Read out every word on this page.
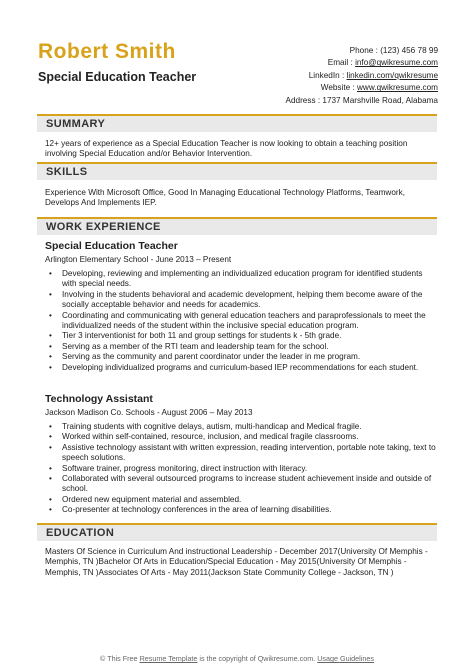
Robert Smith
Special Education Teacher
Phone : (123) 456 78 99
Email : info@qwikresume.com
LinkedIn : linkedin.com/qwikresume
Website : www.qwikresume.com
Address : 1737 Marshville Road, Alabama
SUMMARY
12+ years of experience as a Special Education Teacher is now looking to obtain a teaching position involving Special Education and/or Behavior Intervention.
SKILLS
Experience With Microsoft Office, Good In Managing Educational Technology Platforms, Teamwork, Develops And Implements IEP.
WORK EXPERIENCE
Special Education Teacher
Arlington Elementary School - June 2013 – Present
• Developing, reviewing and implementing an individualized education program for identified students with special needs.
• Involving in the students behavioral and academic development, helping them become aware of the socially acceptable behavior and needs for academics.
• Coordinating and communicating with general education teachers and paraprofessionals to meet the individualized needs of the student within the inclusive special education program.
• Tier 3 interventionist for both 11 and group settings for students k - 5th grade.
• Serving as a member of the RTI team and leadership team for the school.
• Serving as the community and parent coordinator under the leader in me program.
• Developing individualized programs and curriculum-based IEP recommendations for each student.
Technology Assistant
Jackson Madison Co. Schools - August 2006 – May 2013
• Training students with cognitive delays, autism, multi-handicap and Medical fragile.
• Worked within self-contained, resource, inclusion, and medical fragile classrooms.
• Assistive technology assistant with written expression, reading intervention, portable note taking, text to speech solutions.
• Software trainer, progress monitoring, direct instruction with literacy.
• Collaborated with several outsourced programs to increase student achievement inside and outside of school.
• Ordered new equipment material and assembled.
• Co-presenter at technology conferences in the area of learning disabilities.
EDUCATION
Masters Of Science in Curriculum And instructional Leadership - December 2017(University Of Memphis - Memphis, TN )Bachelor Of Arts in Education/Special Education - May 2015(University Of Memphis - Memphis, TN )Associates Of Arts - May 2011(Jackson State Community College - Jackson, TN )
© This Free Resume Template is the copyright of Qwikresume.com. Usage Guidelines
